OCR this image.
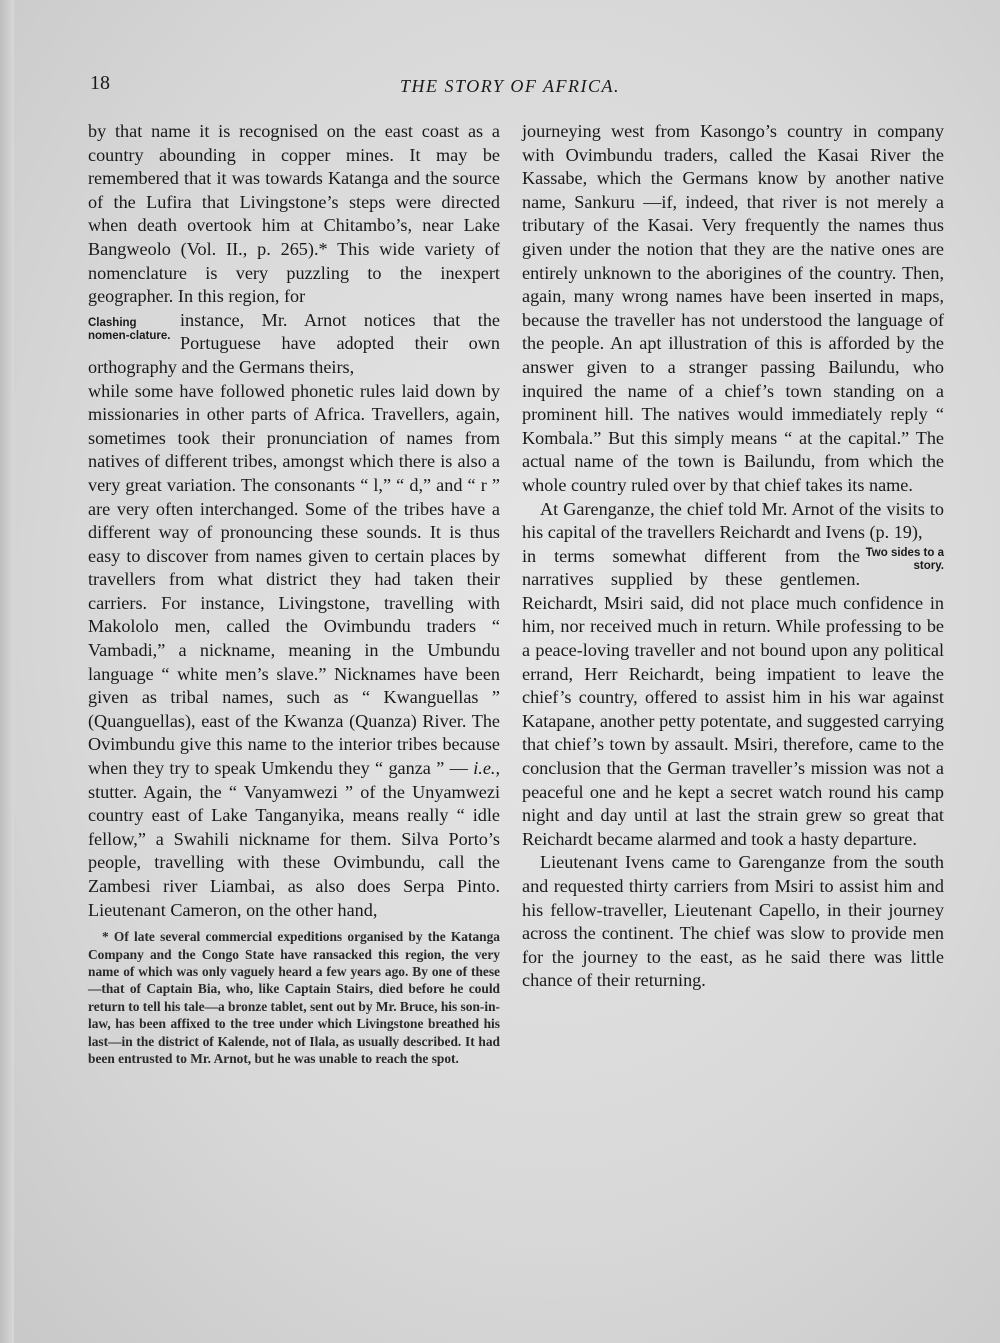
18	THE STORY OF AFRICA.

by that name it is recognised on the east coast as a country abounding in copper mines. It may be remembered that it was towards Katanga and the source of the Lufira that Livingstone’s steps were directed when death overtook him at Chitambo’s, near Lake Bangweolo (Vol. II., p. 265).* This wide variety of nomenclature is very puzzling to the inexpert geographer. In this region, for

Clashing nomen-clature.

instance, Mr. Arnot notices that the Portuguese have adopted their own orthography and the Germans theirs,

while some have followed phonetic rules laid down by missionaries in other parts of Africa. Travellers, again, sometimes took their pronunciation of names from natives of different tribes, amongst which there is also a very great variation. The consonants “ l,” “ d,” and “ r ” are very often interchanged. Some of the tribes have a different way of pronouncing these sounds. It is thus easy to discover from names given to certain places by travellers from what district they had taken their carriers. For instance, Livingstone, travelling with Makololo men, called the Ovimbundu traders “ Vambadi,” a nickname, meaning in the Umbundu language “ white men’s slave.” Nicknames have been given as tribal names, such as “ Kwanguellas ” (Quanguellas), east of the Kwanza (Quanza) River. The Ovimbundu give this name to the interior tribes because when they try to speak Umkendu they “ ganza ” — i.e., stutter. Again, the “ Vanyamwezi ” of the Unyamwezi country east of Lake Tanganyika, means really “ idle fellow,” a Swahili nickname for them. Silva Porto’s people, travelling with these Ovimbundu, call the Zambesi river Liambai, as also does Serpa Pinto. Lieutenant Cameron, on the other hand,

* Of late several commercial expeditions organised by the Katanga Company and the Congo State have ransacked this region, the very name of which was only vaguely heard a few years ago. By one of these—that of Captain Bia, who, like Captain Stairs, died before he could return to tell his tale—a bronze tablet, sent out by Mr. Bruce, his son-in-law, has been affixed to the tree under which Livingstone breathed his last—in the district of Kalende, not of Ilala, as usually described. It had been entrusted to Mr. Arnot, but he was unable to reach the spot.

journeying west from Kasongo’s country in company with Ovimbundu traders, called the Kasai River the Kassabe, which the Germans know by another native name, Sankuru —if, indeed, that river is not merely a tributary of the Kasai. Very frequently the names thus given under the notion that they are the native ones are entirely unknown to the aborigines of the country. Then, again, many wrong names have been inserted in maps, because the traveller has not understood the language of the people. An apt illustration of this is afforded by the answer given to a stranger passing Bailundu, who inquired the name of a chief’s town standing on a prominent hill. The natives would immediately reply “ Kombala.” But this simply means “ at the capital.” The actual name of the town is Bailundu, from which the whole country ruled over by that chief takes its name.

At Garenganze, the chief told Mr. Arnot of the visits to his capital of the travellers Reichardt and Ivens (p. 19),

Two sides to a story.

in terms somewhat different from the narratives supplied by these gentlemen. Reichardt, Msiri said, did not place much confidence in him, nor received much in return. While professing to be a peace-loving traveller and not bound upon any political errand, Herr Reichardt, being impatient to leave the chief’s country, offered to assist him in his war against Katapane, another petty potentate, and suggested carrying that chief’s town by assault. Msiri, therefore, came to the conclusion that the German traveller’s mission was not a peaceful one and he kept a secret watch round his camp night and day until at last the strain grew so great that Reichardt became alarmed and took a hasty departure.

Lieutenant Ivens came to Garenganze from the south and requested thirty carriers from Msiri to assist him and his fellow-traveller, Lieutenant Capello, in their journey across the continent. The chief was slow to provide men for the journey to the east, as he said there was little chance of their returning.
